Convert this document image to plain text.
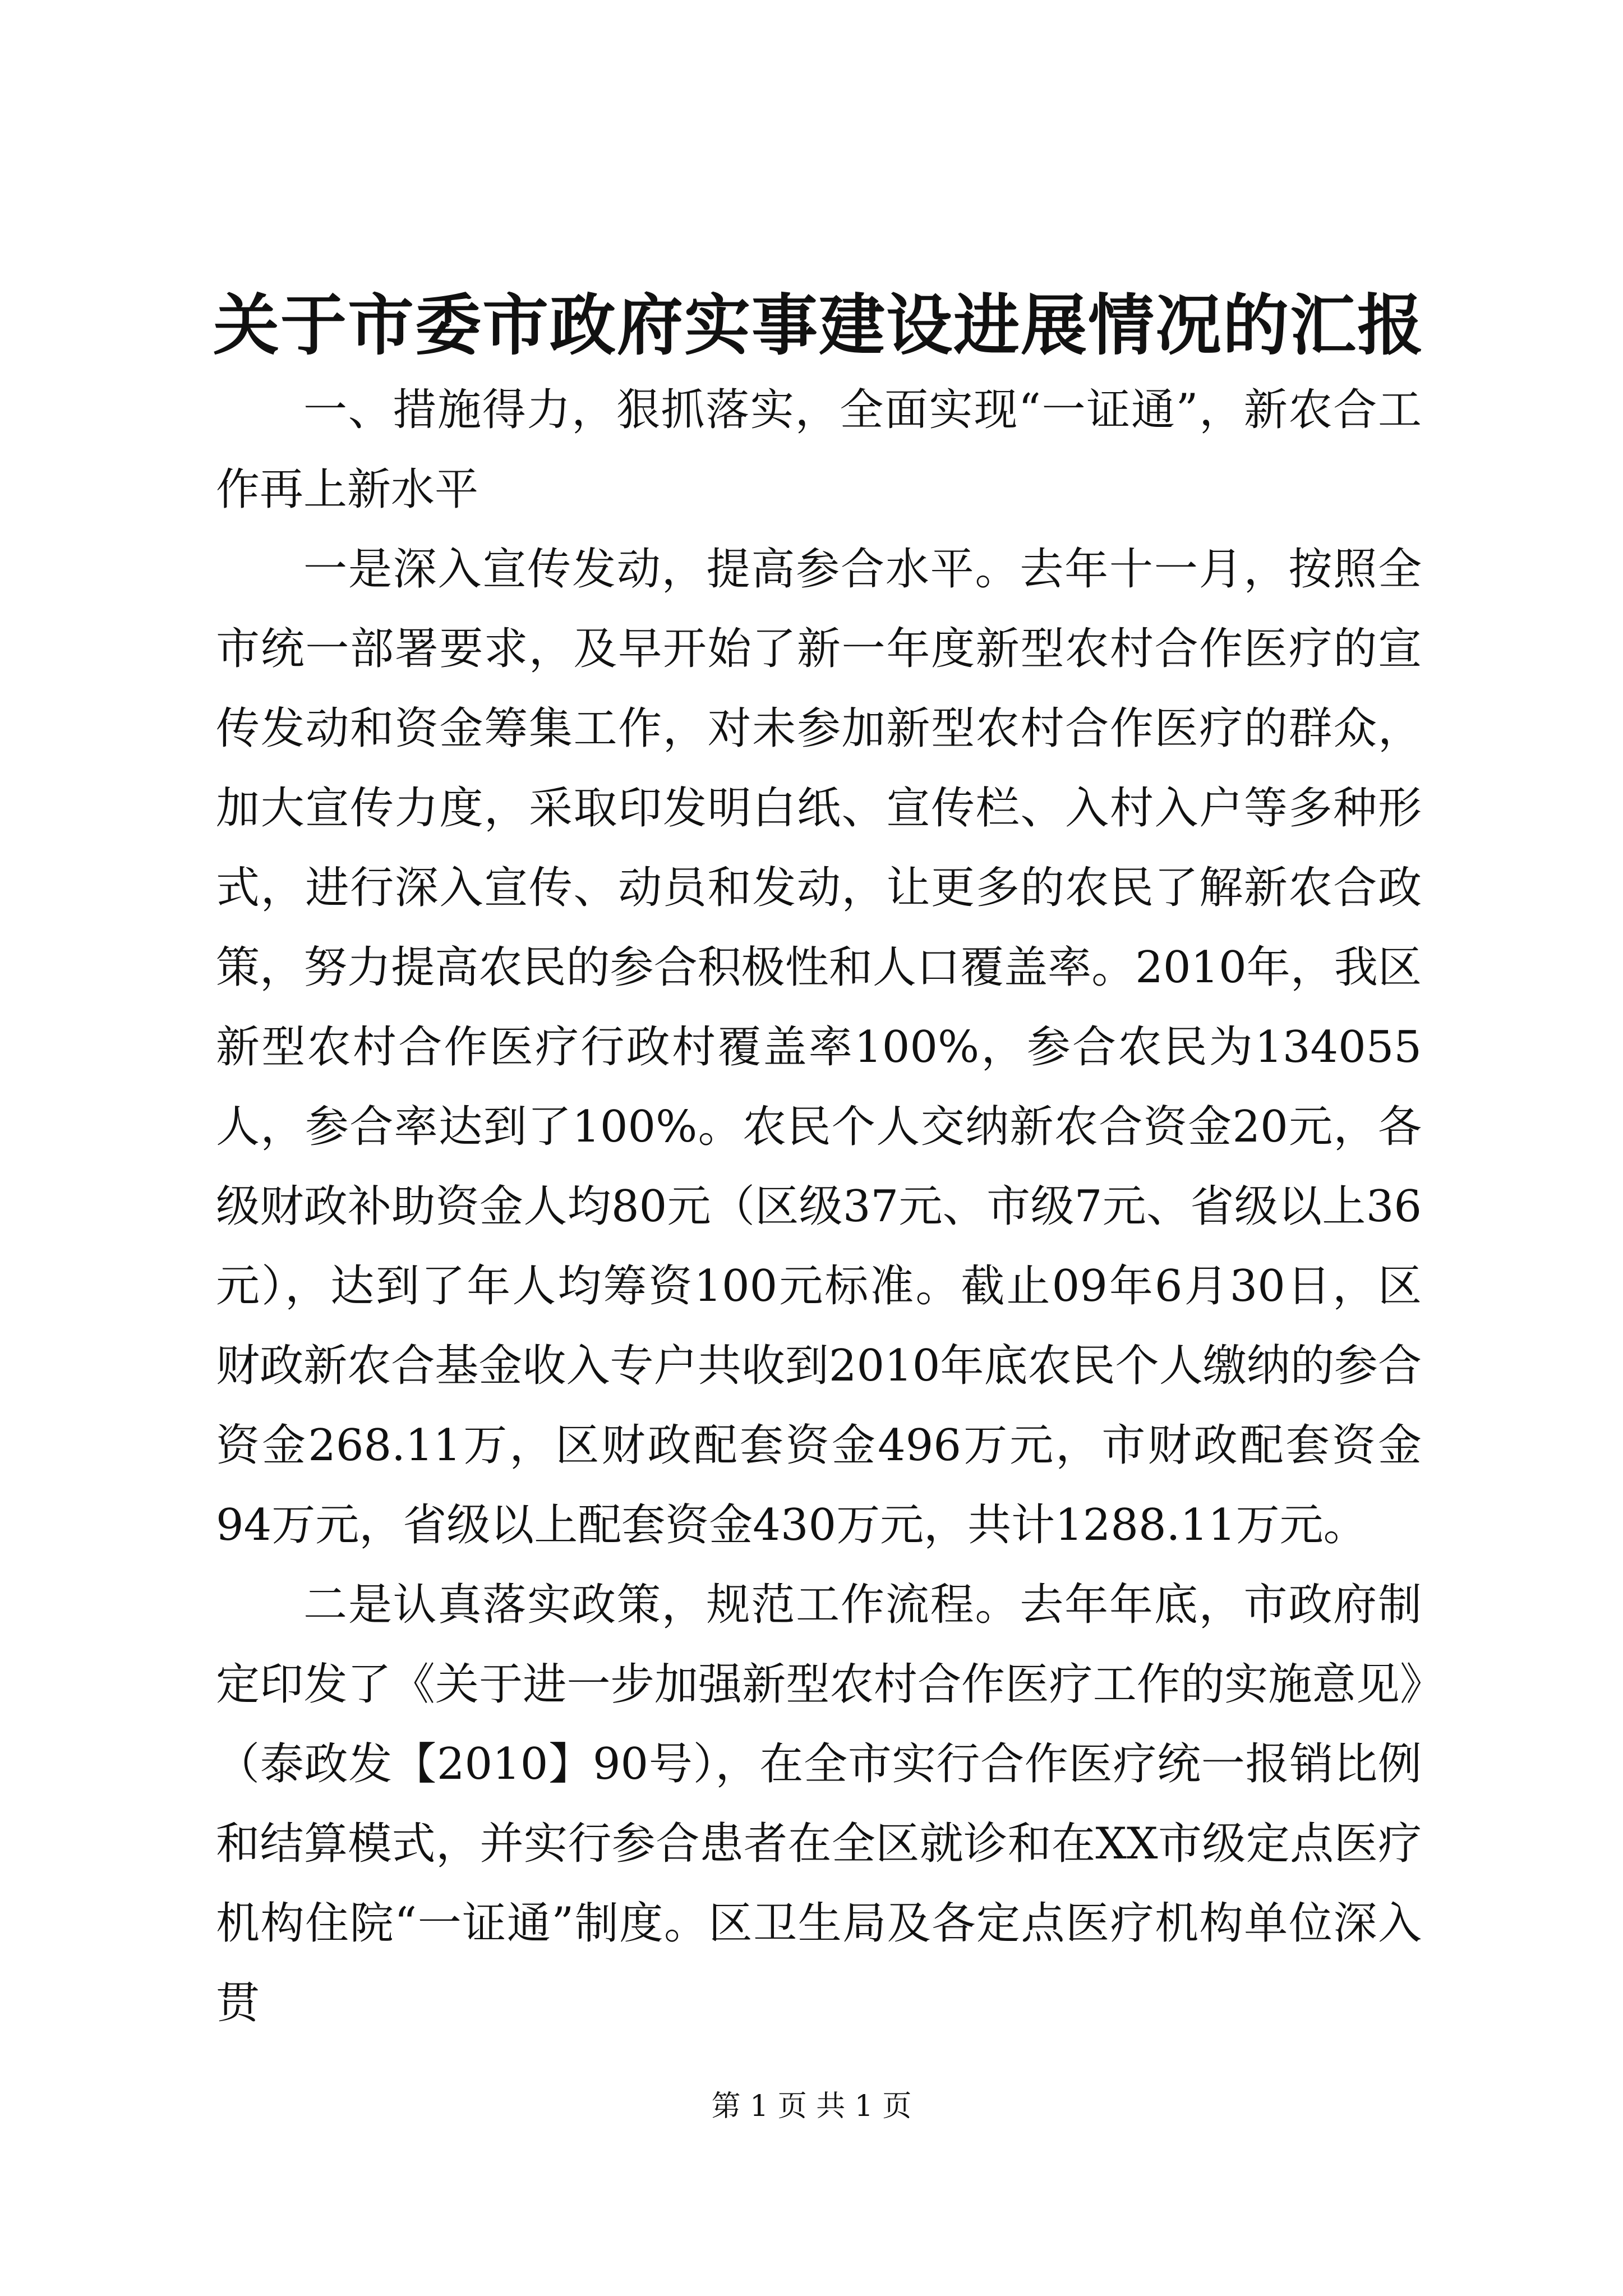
关于市委市政府实事建设进展情况的汇报

一、措施得力，狠抓落实，全面实现“一证通”，新农合工作再上新水平

一是深入宣传发动，提高参合水平。去年十一月，按照全市统一部署要求，及早开始了新一年度新型农村合作医疗的宣传发动和资金筹集工作，对未参加新型农村合作医疗的群众，加大宣传力度，采取印发明白纸、宣传栏、入村入户等多种形式，进行深入宣传、动员和发动，让更多的农民了解新农合政策，努力提高农民的参合积极性和人口覆盖率。2010年，我区新型农村合作医疗行政村覆盖率100%，参合农民为134055人，参合率达到了100%。农民个人交纳新农合资金20元，各级财政补助资金人均80元（区级37元、市级7元、省级以上36元），达到了年人均筹资100元标准。截止09年6月30日，区财政新农合基金收入专户共收到2010年底农民个人缴纳的参合资金268.11万，区财政配套资金496万元，市财政配套资金94万元，省级以上配套资金430万元，共计1288.11万元。

二是认真落实政策，规范工作流程。去年年底，市政府制定印发了《关于进一步加强新型农村合作医疗工作的实施意见》（泰政发【2010】90号），在全市实行合作医疗统一报销比例和结算模式，并实行参合患者在全区就诊和在XX市级定点医疗机构住院“一证通”制度。区卫生局及各定点医疗机构单位深入贯

第 1 页 共 1 页
